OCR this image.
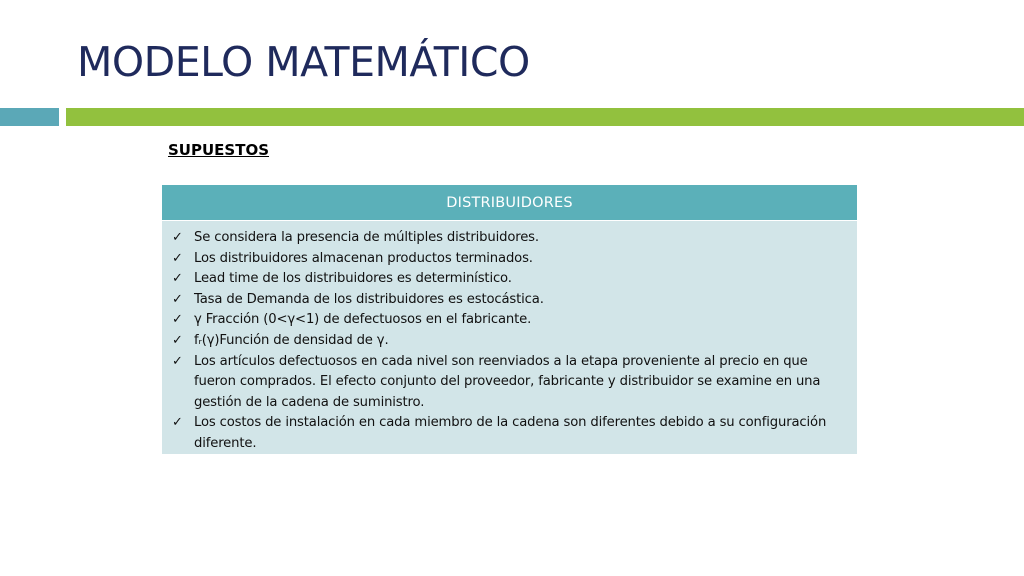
MODELO MATEMÁTICO
SUPUESTOS
DISTRIBUIDORES
✓ Se considera la presencia de múltiples distribuidores.
✓ Los distribuidores almacenan productos terminados.
✓ Lead time de los distribuidores es determinístico.
✓ Tasa de Demanda de los distribuidores es estocástica.
✓ γ Fracción (0<γ<1) de defectuosos en el fabricante.
✓ fᵣ(γ)Función de densidad de γ.
✓ Los artículos defectuosos en cada nivel son reenviados a la etapa proveniente al precio en que fueron comprados. El efecto conjunto del proveedor, fabricante y distribuidor se examine en una gestión de la cadena de suministro.
✓ Los costos de instalación en cada miembro de la cadena son diferentes debido a su configuración diferente.
